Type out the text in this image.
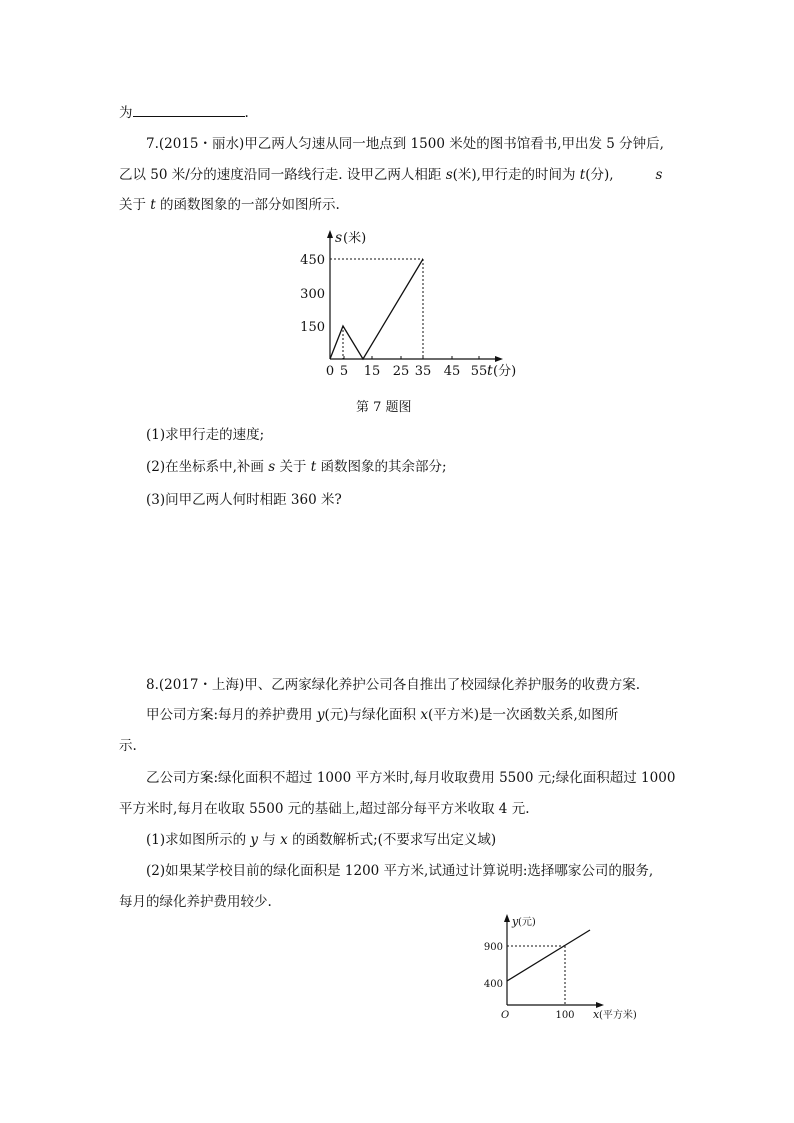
为	.
7.(2015・丽水)甲乙两人匀速从同一地点到 1500 米处的图书馆看书,甲出发 5 分钟后,
乙以 50 米/分的速度沿同一路线行走. 设甲乙两人相距 s(米),甲行走的时间为 t(分),	s
关于 t 的函数图象的一部分如图所示.
s (米)
450
300
150
0 5 15 25 35 45 55 t (分)
第 7 题图
(1)求甲行走的速度;
(2)在坐标系中,补画 s 关于 t 函数图象的其余部分;
(3)问甲乙两人何时相距 360 米?
8.(2017・上海)甲、乙两家绿化养护公司各自推出了校园绿化养护服务的收费方案.
甲公司方案:每月的养护费用 y(元)与绿化面积 x(平方米)是一次函数关系,如图所
示.
乙公司方案:绿化面积不超过 1000 平方米时,每月收取费用 5500 元;绿化面积超过 1000
平方米时,每月在收取 5500 元的基础上,超过部分每平方米收取 4 元.
(1)求如图所示的 y 与 x 的函数解析式;(不要求写出定义域)
(2)如果某学校目前的绿化面积是 1200 平方米,试通过计算说明:选择哪家公司的服务,
每月的绿化养护费用较少.
y (元)
900
400
O	100 x (平方米)
